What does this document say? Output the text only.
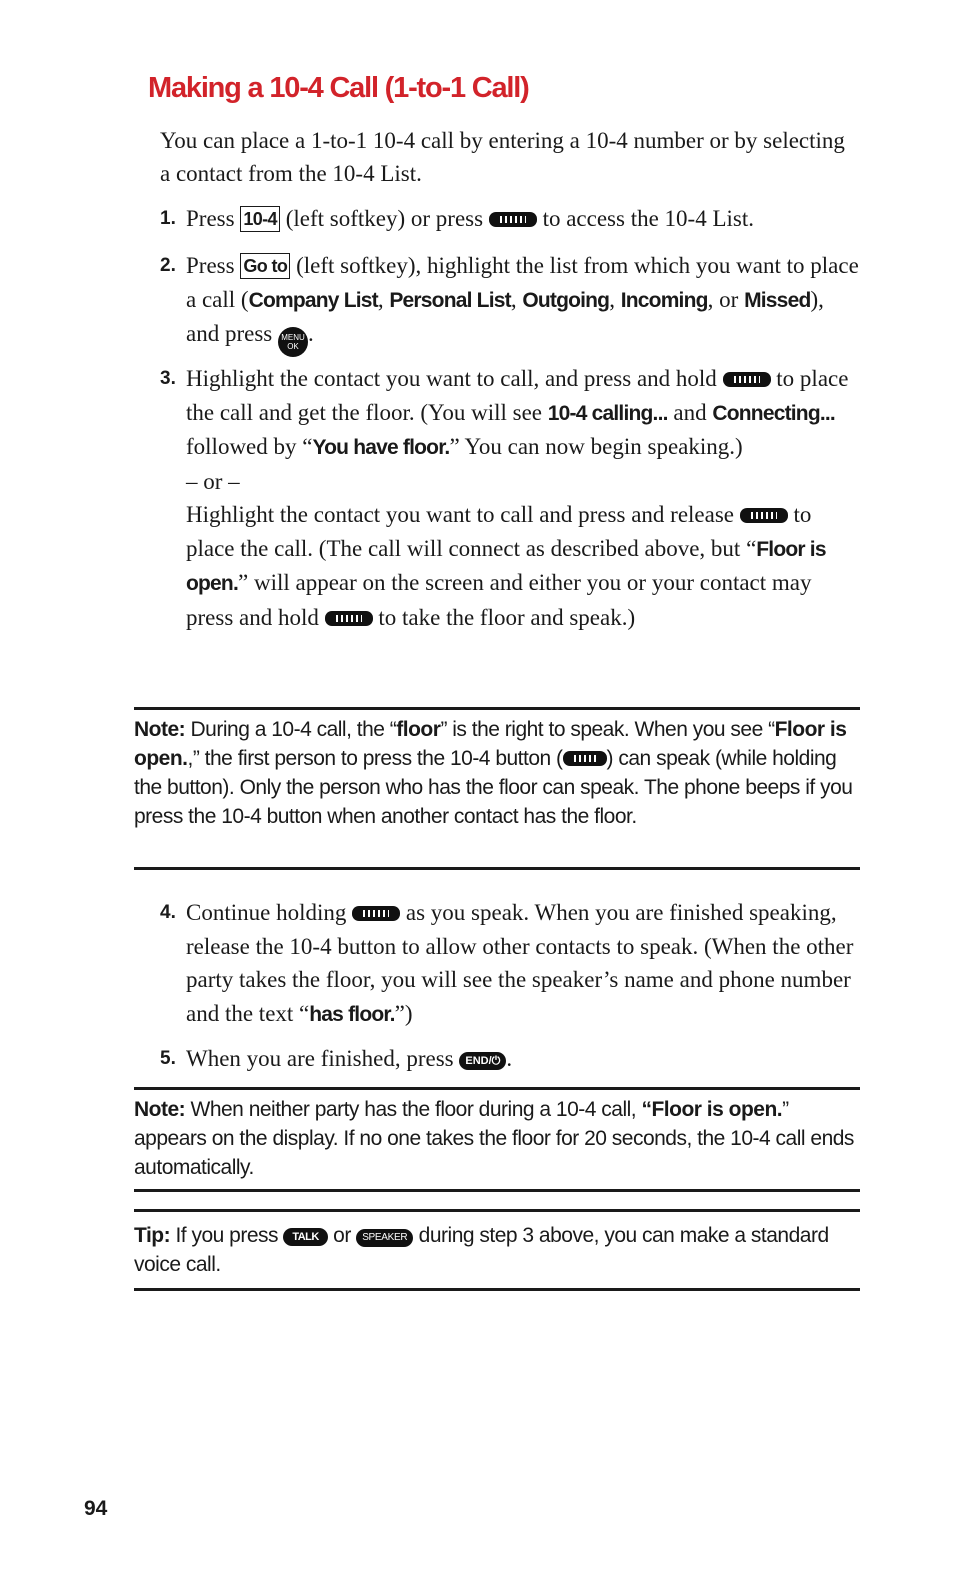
Making a 10-4 Call (1-to-1 Call)

You can place a 1-to-1 10-4 call by entering a 10-4 number or by selecting a contact from the 10-4 List.

1. Press 10-4 (left softkey) or press  to access the 10-4 List.
2. Press Go to (left softkey), highlight the list from which you want to place a call (Company List, Personal List, Outgoing, Incoming, or Missed), and press MENU
OK
.
3. Highlight the contact you want to call, and press and hold  to place the call and get the floor. (You will see 10-4 calling... and Connecting... followed by “You have floor.” You can now begin speaking.)

– or –

Highlight the contact you want to call and press and release  to place the call. (The call will connect as described above, but “Floor is open.” will appear on the screen and either you or your contact may press and hold  to take the floor and speak.)

Note: During a 10-4 call, the “floor” is the right to speak. When you see “Floor is open.,” the first person to press the 10-4 button ( ) can speak (while holding the button). Only the person who has the floor can speak. The phone beeps if you press the 10-4 button when another contact has the floor.

4. Continue holding  as you speak. When you are finished speaking, release the 10-4 button to allow other contacts to speak. (When the other party takes the floor, you will see the speaker’s name and phone number and the text “has floor.”)
5. When you are finished, press END/⏻ .

Note: When neither party has the floor during a 10-4 call, “Floor is open.” appears on the display. If no one takes the floor for 20 seconds, the 10-4 call ends automatically.

Tip: If you press TALK or SPEAKER during step 3 above, you can make a standard voice call.

94
